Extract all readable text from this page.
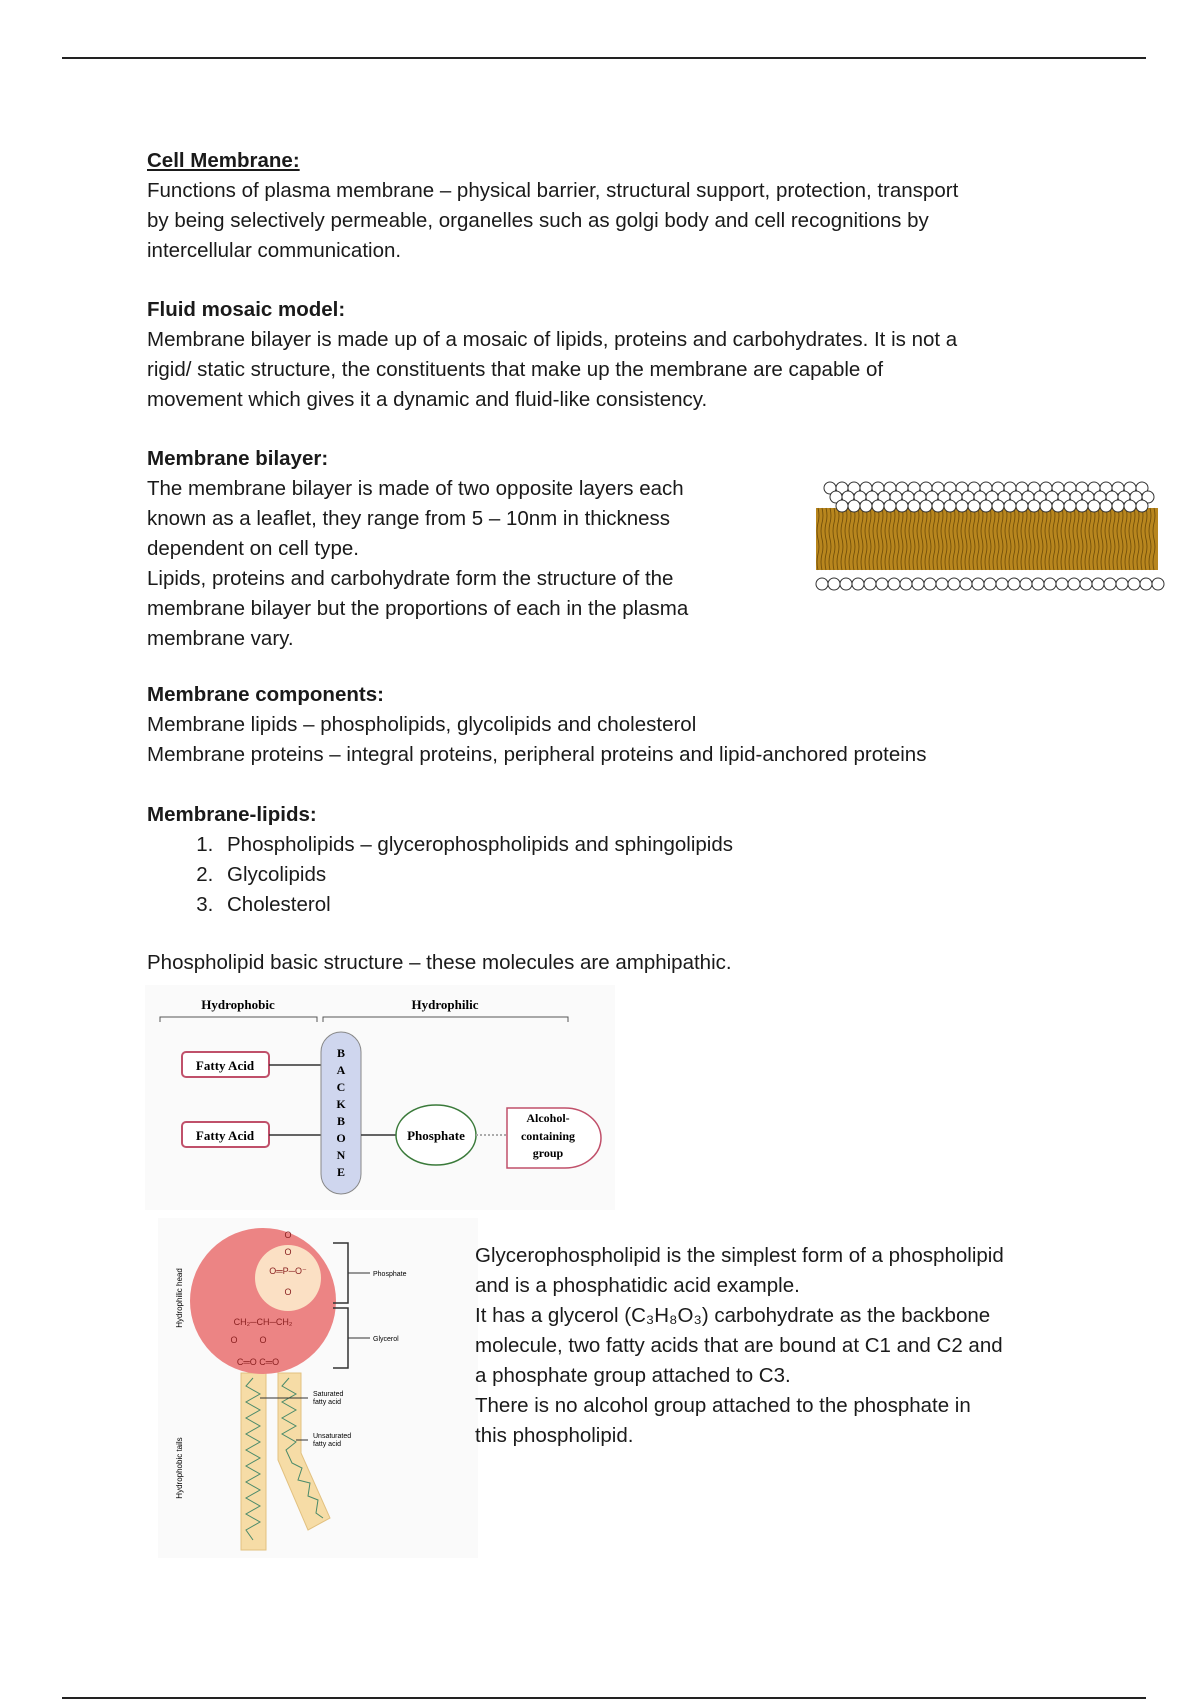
Cell Membrane:

Functions of plasma membrane – physical barrier, structural support, protection, transport

by being selectively permeable, organelles such as golgi body and cell recognitions by

intercellular communication.

Fluid mosaic model:

Membrane bilayer is made up of a mosaic of lipids, proteins and carbohydrates. It is not a

rigid/ static structure, the constituents that make up the membrane are capable of

movement which gives it a dynamic and fluid-like consistency.

Membrane bilayer:

The membrane bilayer is made of two opposite layers each

known as a leaflet, they range from 5 – 10nm in thickness

dependent on cell type.

Lipids, proteins and carbohydrate form the structure of the

membrane bilayer but the proportions of each in the plasma

membrane vary.

Membrane components:

Membrane lipids – phospholipids, glycolipids and cholesterol

Membrane proteins – integral proteins, peripheral proteins and lipid-anchored proteins

Membrane-lipids:

1. Phospholipids – glycerophospholipids and sphingolipids
2. Glycolipids
3. Cholesterol
Phospholipid basic structure – these molecules are amphipathic.
Hydrophobic	Hydrophilic
Fatty Acid
Fatty Acid
B
A
C
K
B
O
N
E
Phosphate
Alcohol-
containing
group
Hydrophilic head
Hydrophobic tails
O
O
O═P─O⁻
O
CH₂─CH─CH₂
O O
C═O C═O
Phosphate
Glycerol
Saturated
fatty acid
Unsaturated
fatty acid

Glycerophospholipid is the simplest form of a phospholipid

and is a phosphatidic acid example.

It has a glycerol (C₃H₈O₃) carbohydrate as the backbone

molecule, two fatty acids that are bound at C1 and C2 and

a phosphate group attached to C3.

There is no alcohol group attached to the phosphate in

this phospholipid.
